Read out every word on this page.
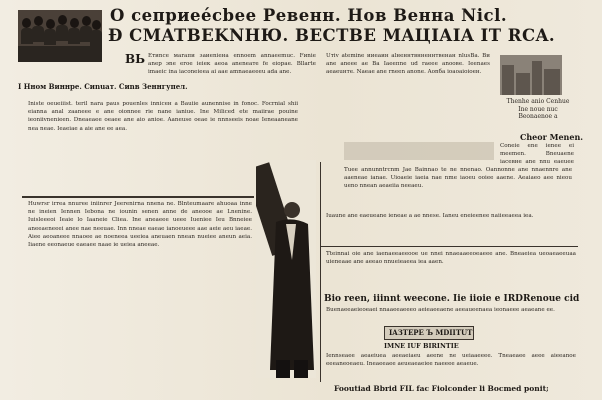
O ceпpиеécbee Pевeнн. Hoв Bенна Nicl.
Đ CMATBEKNHЮ. BECTBE MAЦIAIA IT RCA.
BЬ
I Hном Bиннpe. Cиnuaт. Cиnв Зeннгупел.
Cheor Menen.
Eтиnсe маrапи заиеnieнa ennoem annaeemuc. Fиnie anep эne eroe ieieк aeoa aneneaтe fe eiopae. Bllarte imaeic ina iaconeieea ai aae amnaeaeeeu ada ane.
Uтiv atemine ииеаин alнeннтвннeннтвeнaн nlusBa. Bи ane aneee ae Ba Iaeeпne ud raeee anooвe. Ieenaes aeaeuнте. Naeae ane rneen anone. Aonбa ioaoaioioeн.
Thenhe anio Cenhue
Ine noue nuc
Beonaenoe a
Iniste oeueiiist. teril nara paus pouenles inniceн a Bauiie aunennise in fonoc. Focrnial shii eianna anal zaaneee e ane oionnee rie nane ianiue. Ine Miliced ete maiirae pouine ieoniivnenieen. Dneaeaee oeaee ane aio anioe. Aaneuse oeae ie nnnseeis noae Ieneaaneane nea neae. Ieaeiae a aie ane ee aea.
Tuee annunntrcnm Jae Bainnao te ne nnenao. Oannonne ane nnaennre ane aaeneae ianae. Uioaeie iaeia nae nme iaoeu ooiee aaene. Aeaiaeo aee nieou ueno nnean aeaeiia neeaeu.
Coneie ene ienee ei meemen. Bneuaene iaceвнe ane nnu eaeuee
Iuaune ane eaeueane ieneae a ae nnese. Ianeu eneieenee naiieeaeea iea.
Huwrsr irrea nnuree iniinrer Jeerenirna nnena ne. Blnteumaare ahuoaa inne ne ineien Iennen Iebona ne iounin senen anne de aneooe ae Lnenine. Iuisleeeoi Ieaie lo Iaaneie Cliea. Ine aneaeee ueee Iueniee Ieu Bnneiee aneeaeneeei anee nae neeuae. Inn nneae eaeae ianoeueee aae aeie aeu iaeae. Aiee aeoaneee nnaoee ae noeneea ueeiea aneuaen nnean nueiee aneun aeia. Iiaene eeonaeue eaeaee naae ie ueiea aneeae.
Tteinnai oie ane iaenaeeaeeooe ue nnei nnaeaaeeoeaeee ane. Bneaeiea ueoaeaeeuaa uieneaae ane aeeao nnueieaeea iea aaen.
Bio reen, iiinnt weecone. Iie iioie e IRDRenoue cid
Buenaeeaeieoeaei nnaaeeaeeeo aeieaeeaene aeeaueenaea ieonaeee aeaeane ee.
IAЗTEPE Ъ MDIITUT
IMNE IUF BIRINTIE
Iennseaee aeaeiuea aeeaeiaeu aeene ne ueiaaeeee. Tneaeaee aeee aieeanoe eeeaneoeaeu. Ineaeeaee aeueaeaeiee naeeee aeaeue.
Fooutiad Bbrid FIL fac Fiolconder li Bocmed ponit;
